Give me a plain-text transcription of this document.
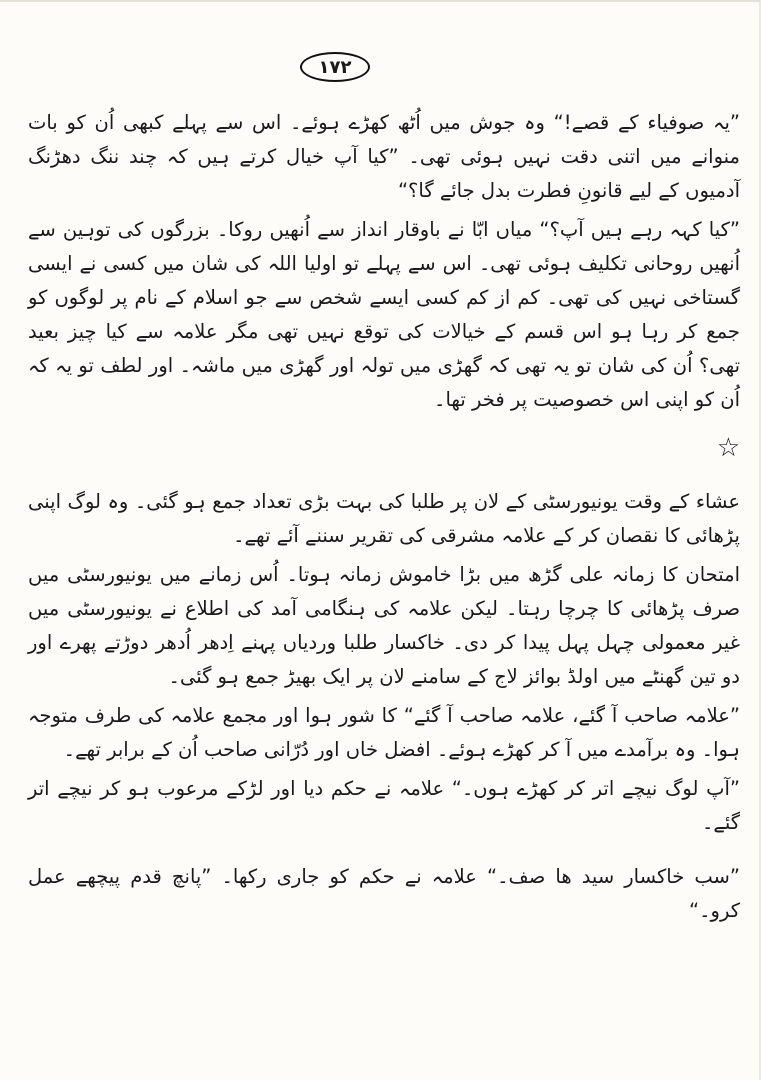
۱۷۲

”یہ صوفیاء کے قصے!“ وہ جوش میں اُٹھ کھڑے ہوئے۔ اس سے پہلے کبھی اُن کو بات منوانے میں اتنی دقت نہیں ہوئی تھی۔ ”کیا آپ خیال کرتے ہیں کہ چند ننگ دھڑنگ آدمیوں کے لیے قانونِ فطرت بدل جائے گا؟“

”کیا کہہ رہے ہیں آپ؟“ میاں ابّا نے باوقار انداز سے اُنھیں روکا۔ بزرگوں کی توہین سے اُنھیں روحانی تکلیف ہوئی تھی۔ اس سے پہلے تو اولیا اللہ کی شان میں کسی نے ایسی گستاخی نہیں کی تھی۔ کم از کم کسی ایسے شخص سے جو اسلام کے نام پر لوگوں کو جمع کر رہا ہو اس قسم کے خیالات کی توقع نہیں تھی مگر علامہ سے کیا چیز بعید تھی؟ اُن کی شان تو یہ تھی کہ گھڑی میں تولہ اور گھڑی میں ماشہ۔ اور لطف تو یہ کہ اُن کو اپنی اس خصوصیت پر فخر تھا۔

☆

عشاء کے وقت یونیورسٹی کے لان پر طلبا کی بہت بڑی تعداد جمع ہو گئی۔ وہ لوگ اپنی پڑھائی کا نقصان کر کے علامہ مشرقی کی تقریر سننے آئے تھے۔

امتحان کا زمانہ علی گڑھ میں بڑا خاموش زمانہ ہوتا۔ اُس زمانے میں یونیورسٹی میں صرف پڑھائی کا چرچا رہتا۔ لیکن علامہ کی ہنگامی آمد کی اطلاع نے یونیورسٹی میں غیر معمولی چہل پہل پیدا کر دی۔ خاکسار طلبا وردیاں پہنے اِدھر اُدھر دوڑتے پھرے اور دو تین گھنٹے میں اولڈ بوائز لاج کے سامنے لان پر ایک بھیڑ جمع ہو گئی۔

”علامہ صاحب آ گئے، علامہ صاحب آ گئے“ کا شور ہوا اور مجمع علامہ کی طرف متوجہ ہوا۔ وہ برآمدے میں آ کر کھڑے ہوئے۔ افضل خاں اور دُرّانی صاحب اُن کے برابر تھے۔

”آپ لوگ نیچے اتر کر کھڑے ہوں۔“ علامہ نے حکم دیا اور لڑکے مرعوب ہو کر نیچے اتر گئے۔

”سب خاکسار سید ھا صف۔“ علامہ نے حکم کو جاری رکھا۔ ”پانچ قدم پیچھے عمل کرو۔“
